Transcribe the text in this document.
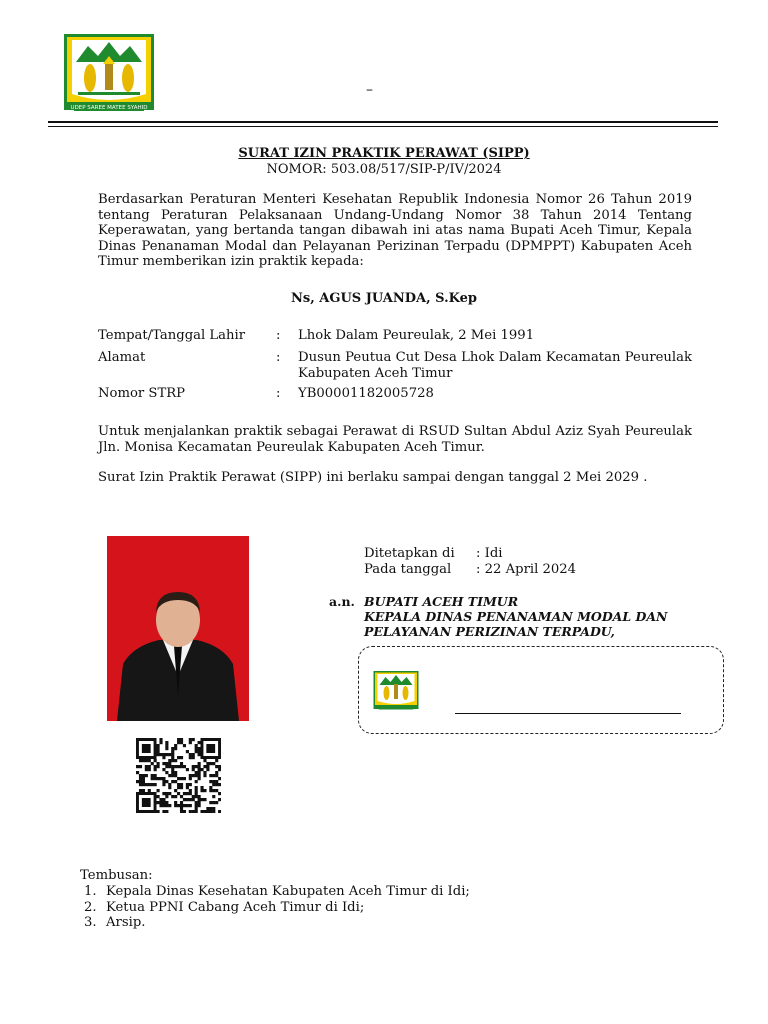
UDEP SAREE MATEE SYAHID
–
SURAT IZIN PRAKTIK PERAWAT (SIPP)
NOMOR: 503.08/517/SIP-P/IV/2024
Berdasarkan Peraturan Menteri Kesehatan Republik Indonesia Nomor 26 Tahun 2019 tentang Peraturan Pelaksanaan Undang-Undang Nomor 38 Tahun 2014 Tentang Keperawatan, yang bertanda tangan dibawah ini atas nama Bupati Aceh Timur, Kepala Dinas Penanaman Modal dan Pelayanan Perizinan Terpadu (DPMPPT) Kabupaten Aceh Timur memberikan izin praktik kepada:
Ns, AGUS JUANDA, S.Kep
Tempat/Tanggal Lahir	: Lhok Dalam Peureulak, 2 Mei 1991
Alamat	: Dusun Peutua Cut Desa Lhok Dalam Kecamatan Peureulak Kabupaten Aceh Timur
Nomor STRP	: YB00001182005728
Untuk menjalankan praktik sebagai Perawat di RSUD Sultan Abdul Aziz Syah Peureulak Jln. Monisa Kecamatan Peureulak Kabupaten Aceh Timur.
Surat Izin Praktik Perawat (SIPP) ini berlaku sampai dengan tanggal 2 Mei 2029 .
Ditetapkan di : Idi
Pada tanggal : 22 April 2024
a.n. BUPATI ACEH TIMUR
KEPALA DINAS PENANAMAN MODAL DAN
PELAYANAN PERIZINAN TERPADU,
Tembusan:
1. Kepala Dinas Kesehatan Kabupaten Aceh Timur di Idi;
2. Ketua PPNI Cabang Aceh Timur di Idi;
3. Arsip.
